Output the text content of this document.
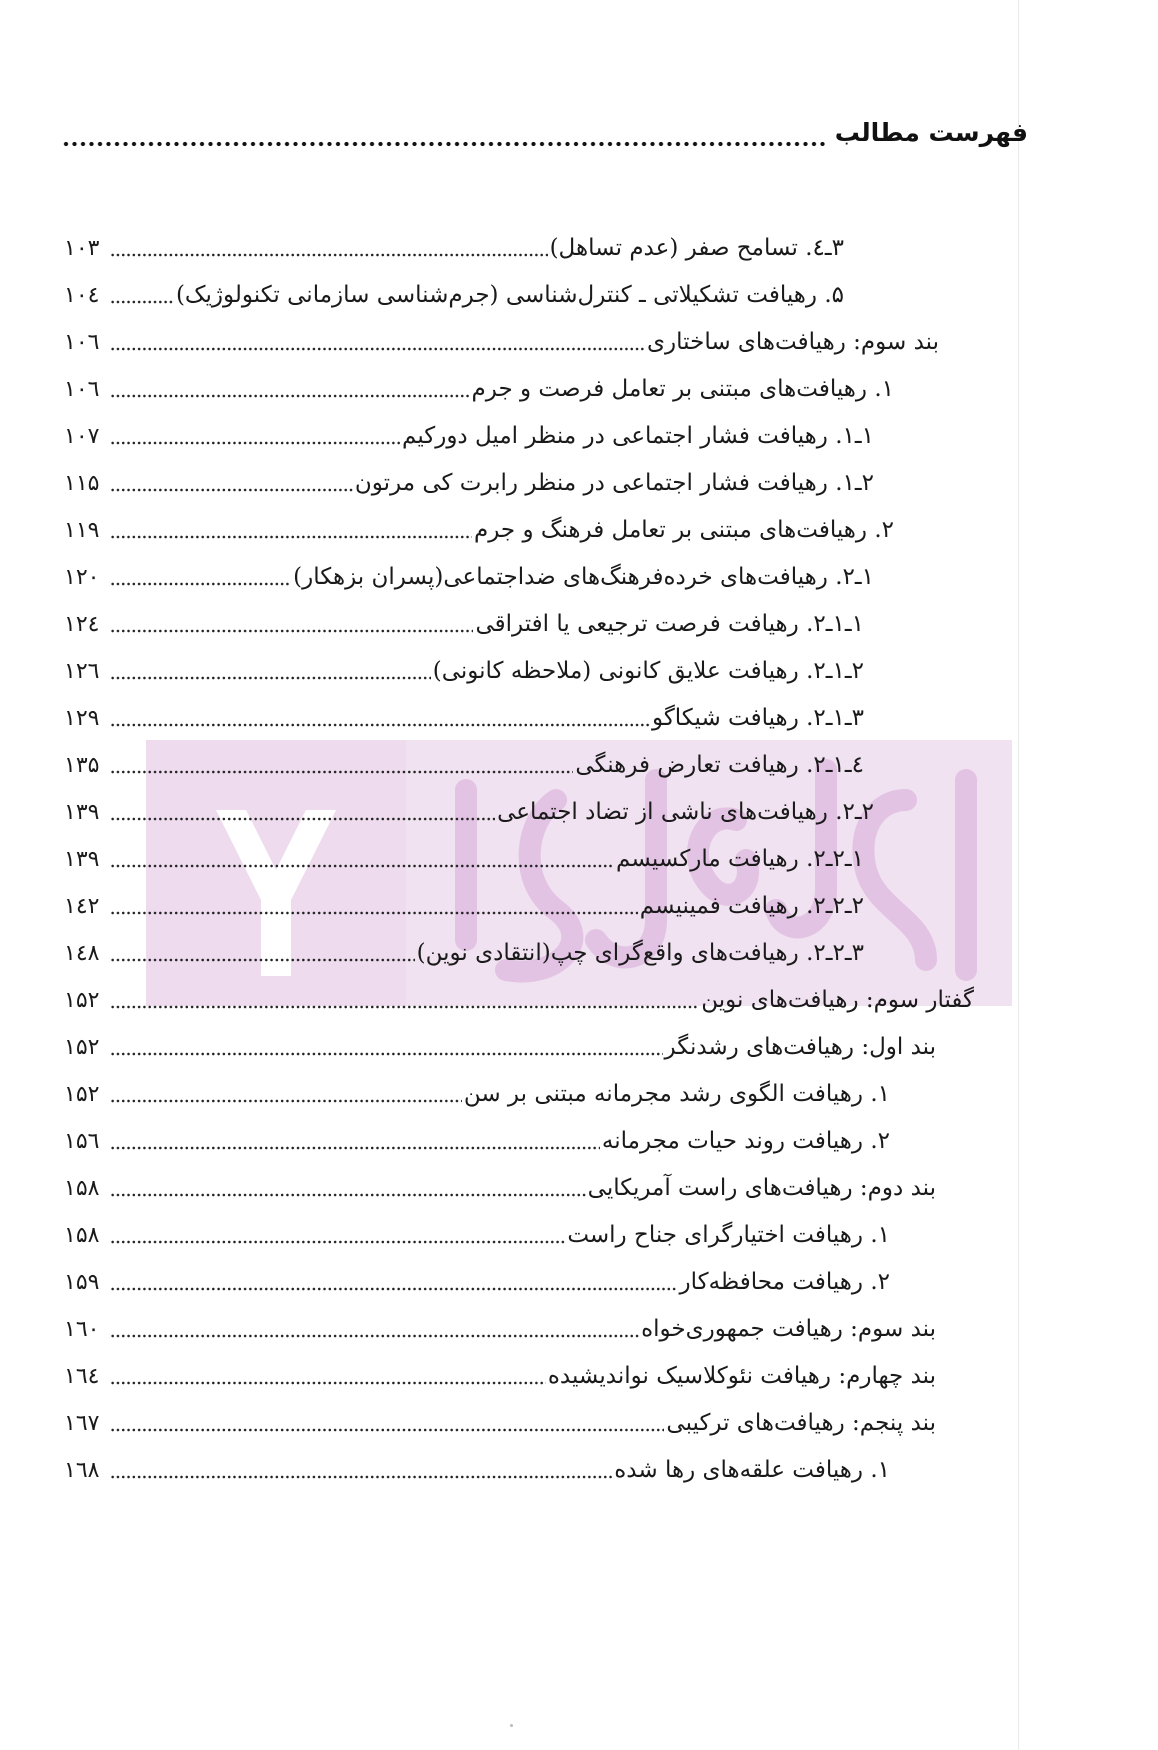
فهرست مطالب
۳ـ٤. تسامح صفر (عدم تساهل)
۱۰۳
۵. رهیافت تشکیلاتی ـ کنترل‌شناسی (جرم‌شناسی سازمانی تکنولوژیک)
۱۰٤
بند سوم: رهیافت‌های ساختاری
۱۰٦
۱. رهیافت‌های مبتنی بر تعامل فرصت و جرم
۱۰٦
۱ـ۱. رهیافت فشار اجتماعی در منظر امیل دورکیم
۱۰۷
۲ـ۱. رهیافت فشار اجتماعی در منظر رابرت کی مرتون
۱۱۵
۲. رهیافت‌های مبتنی بر تعامل فرهنگ و جرم
۱۱۹
۱ـ۲. رهیافت‌های خرده‌فرهنگ‌های ضداجتماعی(پسران بزهکار)
۱۲۰
۱ـ۱ـ۲. رهیافت فرصت ترجیعی یا افتراقی
۱۲٤
۲ـ۱ـ۲. رهیافت علایق کانونی (ملاحظه کانونی)
۱۲٦
۳ـ۱ـ۲. رهیافت شیکاگو
۱۲۹
٤ـ۱ـ۲. رهیافت تعارض فرهنگی
۱۳۵
۲ـ۲. رهیافت‌های ناشی از تضاد اجتماعی
۱۳۹
۱ـ۲ـ۲. رهیافت مارکسیسم
۱۳۹
۲ـ۲ـ۲. رهیافت فمینیسم
۱٤۲
۳ـ۲ـ۲. رهیافت‌های واقع‌گرای چپ(انتقادی نوین)
۱٤۸
گفتار سوم: رهیافت‌های نوین
۱۵۲
بند اول: رهیافت‌های رشدنگر
۱۵۲
۱. رهیافت الگوی رشد مجرمانه مبتنی بر سن
۱۵۲
۲. رهیافت روند حیات مجرمانه
۱۵٦
بند دوم: رهیافت‌های راست آمریکایی
۱۵۸
۱. رهیافت اختیارگرای جناح راست
۱۵۸
۲. رهیافت محافظه‌کار
۱۵۹
بند سوم: رهیافت جمهوری‌خواه
۱٦۰
بند چهارم: رهیافت نئوکلاسیک نواندیشیده
۱٦٤
بند پنجم: رهیافت‌های ترکیبی
۱٦۷
۱. رهیافت علقه‌های رها شده
۱٦۸
